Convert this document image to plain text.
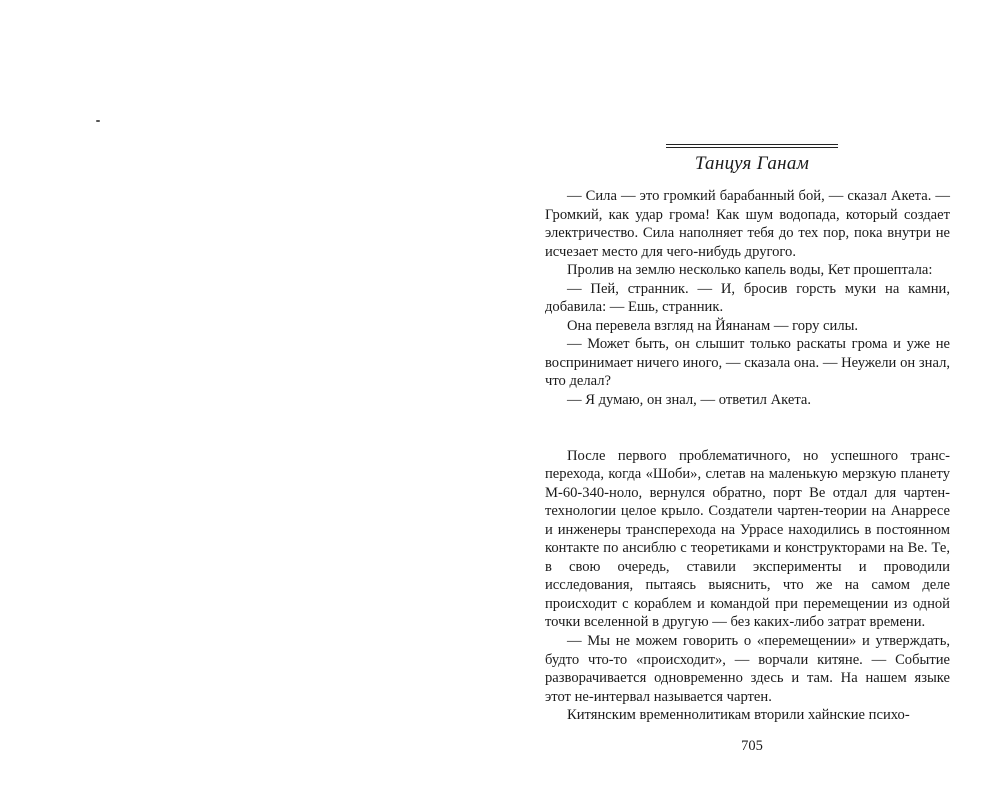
Танцуя Ганам

— Сила — это громкий барабанный бой, — сказал Акета. — Громкий, как удар грома! Как шум водопада, который создает электричество. Сила наполняет тебя до тех пор, пока внутри не исчезает место для чего-нибудь другого.

Пролив на землю несколько капель воды, Кет прошептала:

— Пей, странник. — И, бросив горсть муки на камни, добавила: — Ешь, странник.

Она перевела взгляд на Йянанам — гору силы.

— Может быть, он слышит только раскаты грома и уже не воспринимает ничего иного, — сказала она. — Неужели он знал, что делал?

— Я думаю, он знал, — ответил Акета.

После первого проблематичного, но успешного транс-перехода, когда «Шоби», слетав на маленькую мерзкую планету М-60-340-ноло, вернулся обратно, порт Ве отдал для чартен-технологии целое крыло. Создатели чартен-теории на Анарресе и инженеры трансперехода на Уррасе находились в постоянном контакте по ансиблю с теоретиками и конструкторами на Ве. Те, в свою очередь, ставили эксперименты и проводили исследования, пытаясь выяснить, что же на самом деле происходит с кораблем и командой при перемещении из одной точки вселенной в другую — без каких-либо затрат времени.

— Мы не можем говорить о «перемещении» и утверждать, будто что-то «происходит», — ворчали китяне. — Событие разворачивается одновременно здесь и там. На нашем языке этот не-интервал называется чартен.

Китянским временнолитикам вторили хайнские психо-

705
